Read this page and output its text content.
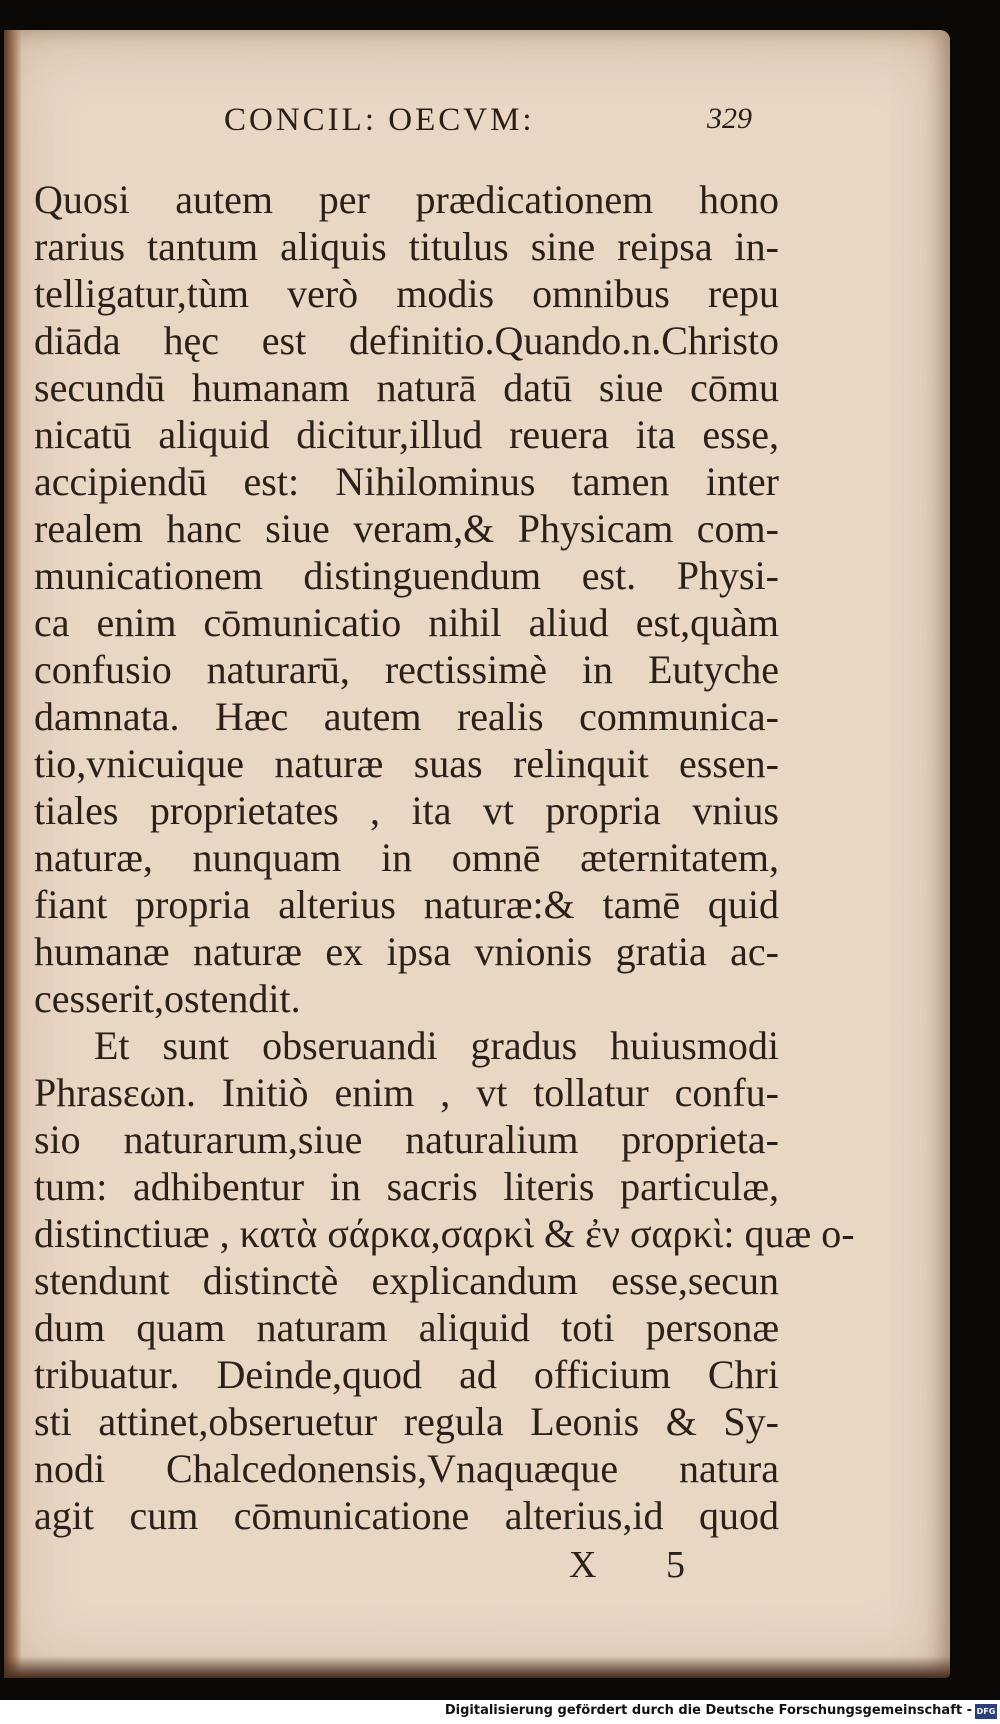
CONCIL: OECVM:	329
Quosi autem per prædicationem hono
rarius tantum aliquis titulus sine reipsa in-
telligatur,tùm verò modis omnibus repu
diāda hęc est definitio.Quando.n.Christo
secundū humanam naturā datū siue cōmu
nicatū aliquid dicitur,illud reuera ita esse,
accipiendū est: Nihilominus tamen inter
realem hanc siue veram,& Physicam com-
municationem distinguendum est. Physi-
ca enim cōmunicatio nihil aliud est,quàm
confusio naturarū, rectissimè in Eutyche
damnata. Hæc autem realis communica-
tio,vnicuique naturæ suas relinquit essen-
tiales proprietates , ita vt propria vnius
naturæ, nunquam in omnē æternitatem,
fiant propria alterius naturæ:& tamē quid
humanæ naturæ ex ipsa vnionis gratia ac-
cesserit,ostendit.
Et sunt obseruandi gradus huiusmodi
Phrasεωn. Initiò enim , vt tollatur confu-
sio naturarum,siue naturalium proprieta-
tum: adhibentur in sacris literis particulæ,
distinctiuæ , κατὰ σάρκα,σαρκὶ & ἐν σαρκὶ: quæ o-
stendunt distinctè explicandum esse,secun
dum quam naturam aliquid toti personæ
tribuatur. Deinde,quod ad officium Chri
sti attinet,obseruetur regula Leonis & Sy-
nodi Chalcedonensis,Vnaquæque natura
agit cum cōmunicatione alterius,id quod
X 5
Digitalisierung gefördert durch die Deutsche Forschungsgemeinschaft - DFG
